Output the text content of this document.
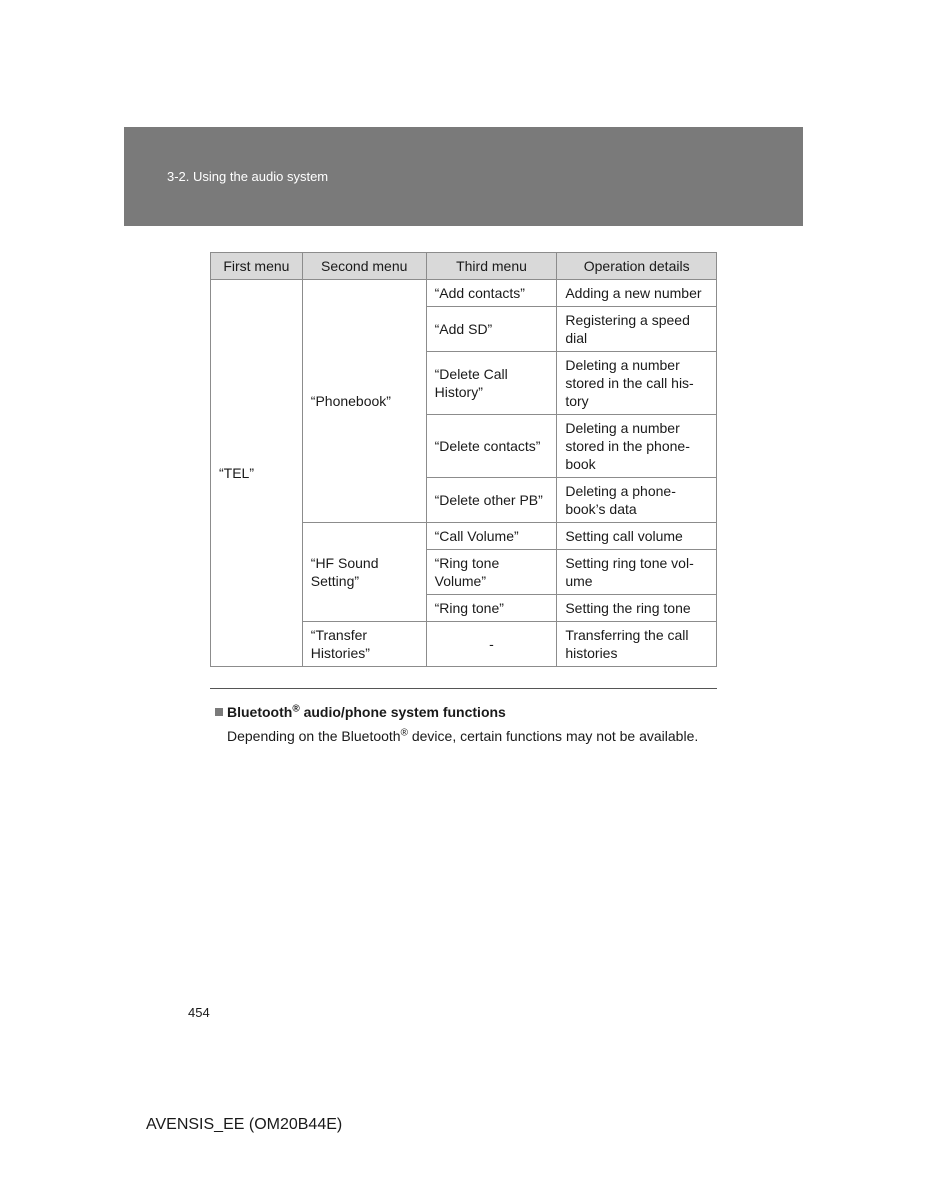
3-2. Using the audio system
First menu	Second menu	Third menu	Operation details
“TEL”	“Phonebook”	“Add contacts”	Adding a new number
		“Add SD”	Registering a speed dial
		“Delete Call History”	Deleting a number stored in the call his-tory
		“Delete contacts”	Deleting a number stored in the phone-book
		“Delete other PB”	Deleting a phone-book’s data
	“HF Sound Setting”	“Call Volume”	Setting call volume
		“Ring tone Volume”	Setting ring tone vol-ume
		“Ring tone”	Setting the ring tone
	“Transfer Histories”	-	Transferring the call histories
Bluetooth® audio/phone system functions
Depending on the Bluetooth® device, certain functions may not be available.
454
AVENSIS_EE (OM20B44E)
